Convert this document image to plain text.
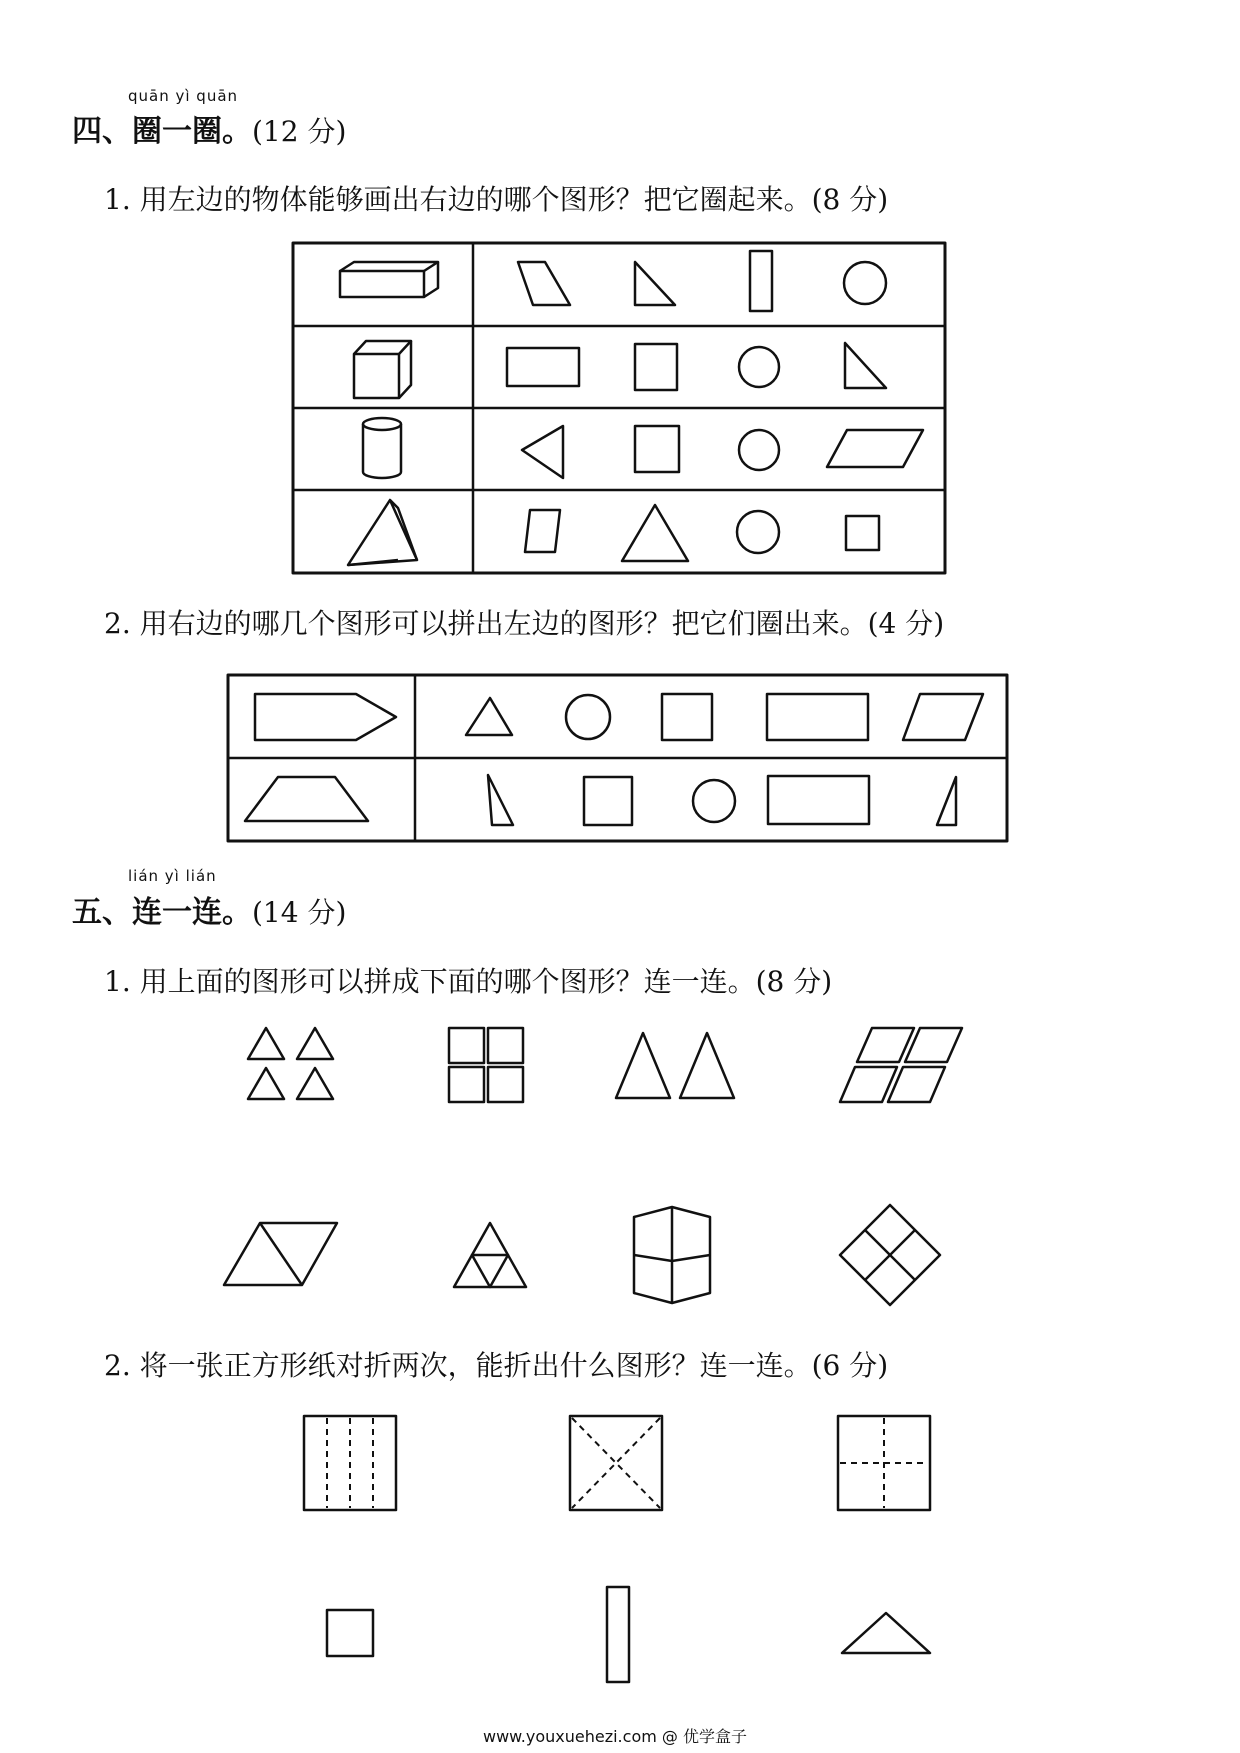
quān yì quān
四、圈一圈。(12 分)
1. 用左边的物体能够画出右边的哪个图形？把它圈起来。(8 分)
2. 用右边的哪几个图形可以拼出左边的图形？把它们圈出来。(4 分)
lián yì lián
五、连一连。(14 分)
1. 用上面的图形可以拼成下面的哪个图形？连一连。(8 分)
2. 将一张正方形纸对折两次，能折出什么图形？连一连。(6 分)
www.youxuehezi.com @ 优学盒子
